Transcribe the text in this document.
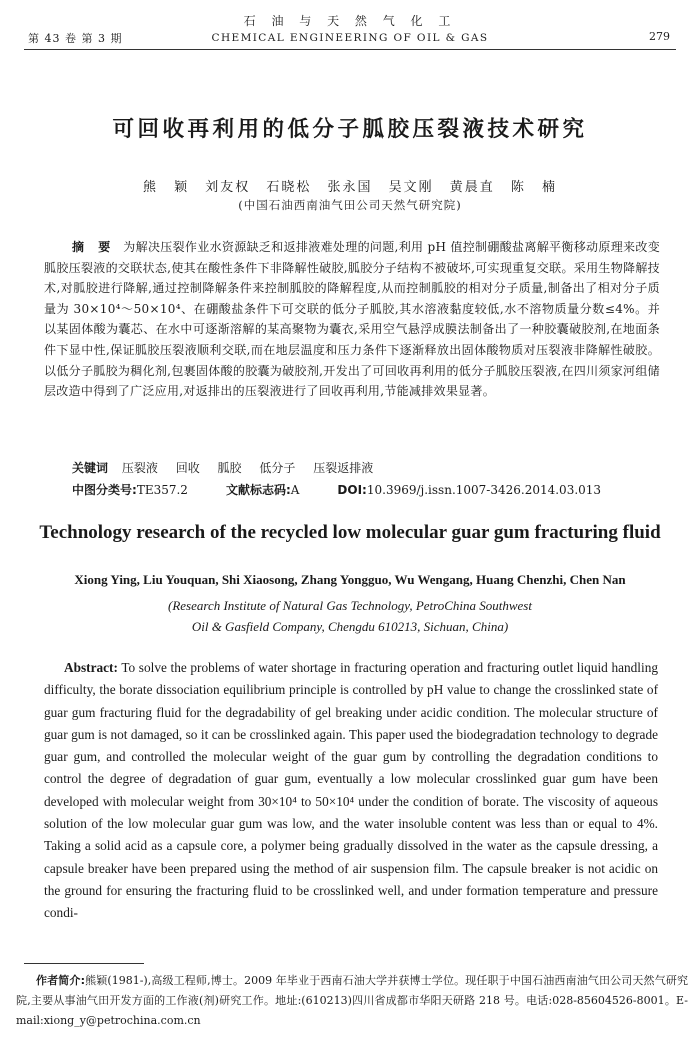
第 43 卷 第 3 期
石 油 与 天 然 气 化 工
CHEMICAL ENGINEERING OF OIL & GAS	279
可回收再利用的低分子胍胶压裂液技术研究
熊 颖 刘友权 石晓松 张永国 吴文刚 黄晨直 陈 楠
(中国石油西南油气田公司天然气研究院)
摘 要 为解决压裂作业水资源缺乏和返排液难处理的问题,利用 pH 值控制硼酸盐离解平衡移动原理来改变胍胶压裂液的交联状态,使其在酸性条件下非降解性破胶,胍胶分子结构不被破坏,可实现重复交联。采用生物降解技术,对胍胶进行降解,通过控制降解条件来控制胍胶的降解程度,从而控制胍胶的相对分子质量,制备出了相对分子质量为 30×10⁴～50×10⁴、在硼酸盐条件下可交联的低分子胍胶,其水溶液黏度较低,水不溶物质量分数≤4%。并以某固体酸为囊芯、在水中可逐渐溶解的某高聚物为囊衣,采用空气悬浮成膜法制备出了一种胶囊破胶剂,在地面条件下显中性,保证胍胶压裂液顺利交联,而在地层温度和压力条件下逐渐释放出固体酸物质对压裂液非降解性破胶。以低分子胍胶为稠化剂,包裹固体酸的胶囊为破胶剂,开发出了可回收再利用的低分子胍胶压裂液,在四川须家河组储层改造中得到了广泛应用,对返排出的压裂液进行了回收再利用,节能减排效果显著。
关键词 压裂液 回收 胍胶 低分子 压裂返排液
中图分类号:TE357.2	文献标志码:A	DOI:10.3969/j.issn.1007-3426.2014.03.013
Technology research of the recycled low molecular guar gum fracturing fluid
Xiong Ying, Liu Youquan, Shi Xiaosong, Zhang Yongguo, Wu Wengang, Huang Chenzhi, Chen Nan
(Research Institute of Natural Gas Technology, PetroChina Southwest
Oil & Gasfield Company, Chengdu 610213, Sichuan, China)
Abstract: To solve the problems of water shortage in fracturing operation and fracturing outlet liquid handling difficulty, the borate dissociation equilibrium principle is controlled by pH value to change the crosslinked state of guar gum fracturing fluid for the degradability of gel breaking under acidic condition. The molecular structure of guar gum is not damaged, so it can be crosslinked again. This paper used the biodegradation technology to degrade guar gum, and controlled the molecular weight of the guar gum by controlling the degradation conditions to control the degree of degradation of guar gum, eventually a low molecular crosslinked guar gum have been developed with molecular weight from 30×10⁴ to 50×10⁴ under the condition of borate. The viscosity of aqueous solution of the low molecular guar gum was low, and the water insoluble content was less than or equal to 4%. Taking a solid acid as a capsule core, a polymer being gradually dissolved in the water as the capsule dressing, a capsule breaker have been prepared using the method of air suspension film. The capsule breaker is not acidic on the ground for ensuring the fracturing fluid to be crosslinked well, and under formation temperature and pressure condi-
作者简介:熊颖(1981-),高级工程师,博士。2009 年毕业于西南石油大学并获博士学位。现任职于中国石油西南油气田公司天然气研究院,主要从事油气田开发方面的工作液(剂)研究工作。地址:(610213)四川省成都市华阳天研路 218 号。电话:028-85604526-8001。E-mail:xiong_y@petrochina.com.cn
